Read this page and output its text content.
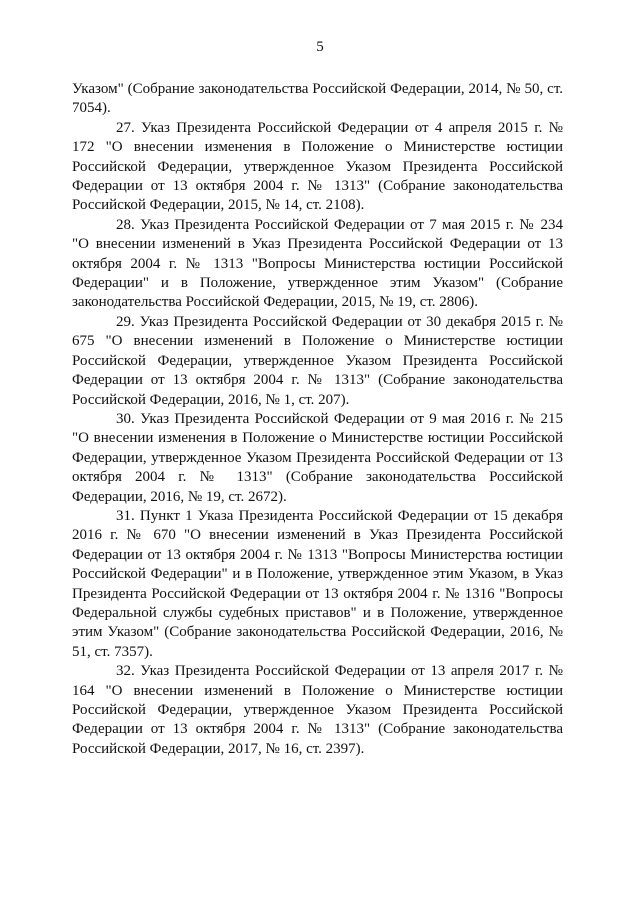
5

Указом" (Собрание законодательства Российской Федерации, 2014, № 50, ст. 7054).

27. Указ Президента Российской Федерации от 4 апреля 2015 г. № 172 "О внесении изменения в Положение о Министерстве юстиции Российской Федерации, утвержденное Указом Президента Российской Федерации от 13 октября 2004 г. № 1313" (Собрание законодательства Российской Федерации, 2015, № 14, ст. 2108).

28. Указ Президента Российской Федерации от 7 мая 2015 г. № 234 "О внесении изменений в Указ Президента Российской Федерации от 13 октября 2004 г. № 1313 "Вопросы Министерства юстиции Российской Федерации" и в Положение, утвержденное этим Указом" (Собрание законодательства Российской Федерации, 2015, № 19, ст. 2806).

29. Указ Президента Российской Федерации от 30 декабря 2015 г. № 675 "О внесении изменений в Положение о Министерстве юстиции Российской Федерации, утвержденное Указом Президента Российской Федерации от 13 октября 2004 г. № 1313" (Собрание законодательства Российской Федерации, 2016, № 1, ст. 207).

30. Указ Президента Российской Федерации от 9 мая 2016 г. № 215 "О внесении изменения в Положение о Министерстве юстиции Российской Федерации, утвержденное Указом Президента Российской Федерации от 13 октября 2004 г. № 1313" (Собрание законодательства Российской Федерации, 2016, № 19, ст. 2672).

31. Пункт 1 Указа Президента Российской Федерации от 15 декабря 2016 г. № 670 "О внесении изменений в Указ Президента Российской Федерации от 13 октября 2004 г. № 1313 "Вопросы Министерства юстиции Российской Федерации" и в Положение, утвержденное этим Указом, в Указ Президента Российской Федерации от 13 октября 2004 г. № 1316 "Вопросы Федеральной службы судебных приставов" и в Положение, утвержденное этим Указом" (Собрание законодательства Российской Федерации, 2016, № 51, ст. 7357).

32. Указ Президента Российской Федерации от 13 апреля 2017 г. № 164 "О внесении изменений в Положение о Министерстве юстиции Российской Федерации, утвержденное Указом Президента Российской Федерации от 13 октября 2004 г. № 1313" (Собрание законодательства Российской Федерации, 2017, № 16, ст. 2397).
